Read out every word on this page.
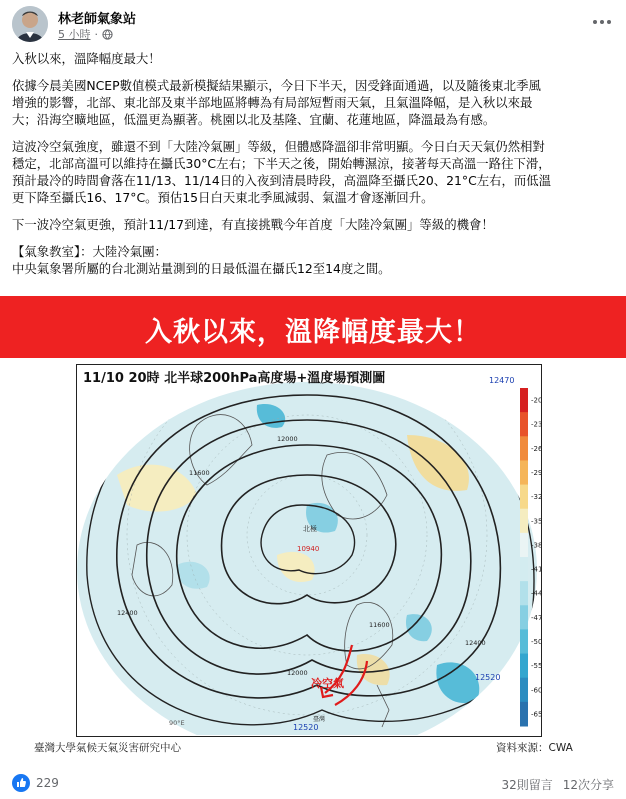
林老師氣象站
5 小時 ·

入秋以來，溫降幅度最大！

依據今晨美國NCEP數值模式最新模擬結果顯示，今日下半天，因受鋒面通過，以及隨後東北季風
增強的影響，北部、東北部及東半部地區將轉為有局部短暫雨天氣，且氣溫降幅，是入秋以來最
大；沿海空曠地區，低溫更為顯著。桃園以北及基隆、宜蘭、花蓮地區，降溫最為有感。

這波冷空氣強度，雖還不到「大陸冷氣團」等級，但體感降溫卻非常明顯。今日白天天氣仍然相對
穩定，北部高溫可以維持在攝氏30°C左右；下半天之後，開始轉濕涼，接著每天高溫一路往下滑，
預計最冷的時間會落在11/13、11/14日的入夜到清晨時段，高溫降至攝氏20、21°C左右，而低溫
更下降至攝氏16、17°C。預估15日白天東北季風減弱、氣溫才會逐漸回升。

下一波冷空氣更強，預計11/17到達，有直接挑戰今年首度「大陸冷氣團」等級的機會！

【氣象教室】：大陸冷氣團：

中央氣象署所屬的台北測站量測到的日最低溫在攝氏12至14度之間。

入秋以來，溫降幅度最大！
冷空氣
北極
10940
12470
12520
12520
12000
11600
11600
12400
12400
12000
90°E	臺灣
11/10 20時 北半球200hPa高度場+溫度場預測圖
-20
-23
-26
-29
-32
-35
-38
-41
-44
-47
-50
-55
-60
-65
臺灣大學氣候天氣災害研究中心	資料來源：CWA
229	32則留言 12次分享
